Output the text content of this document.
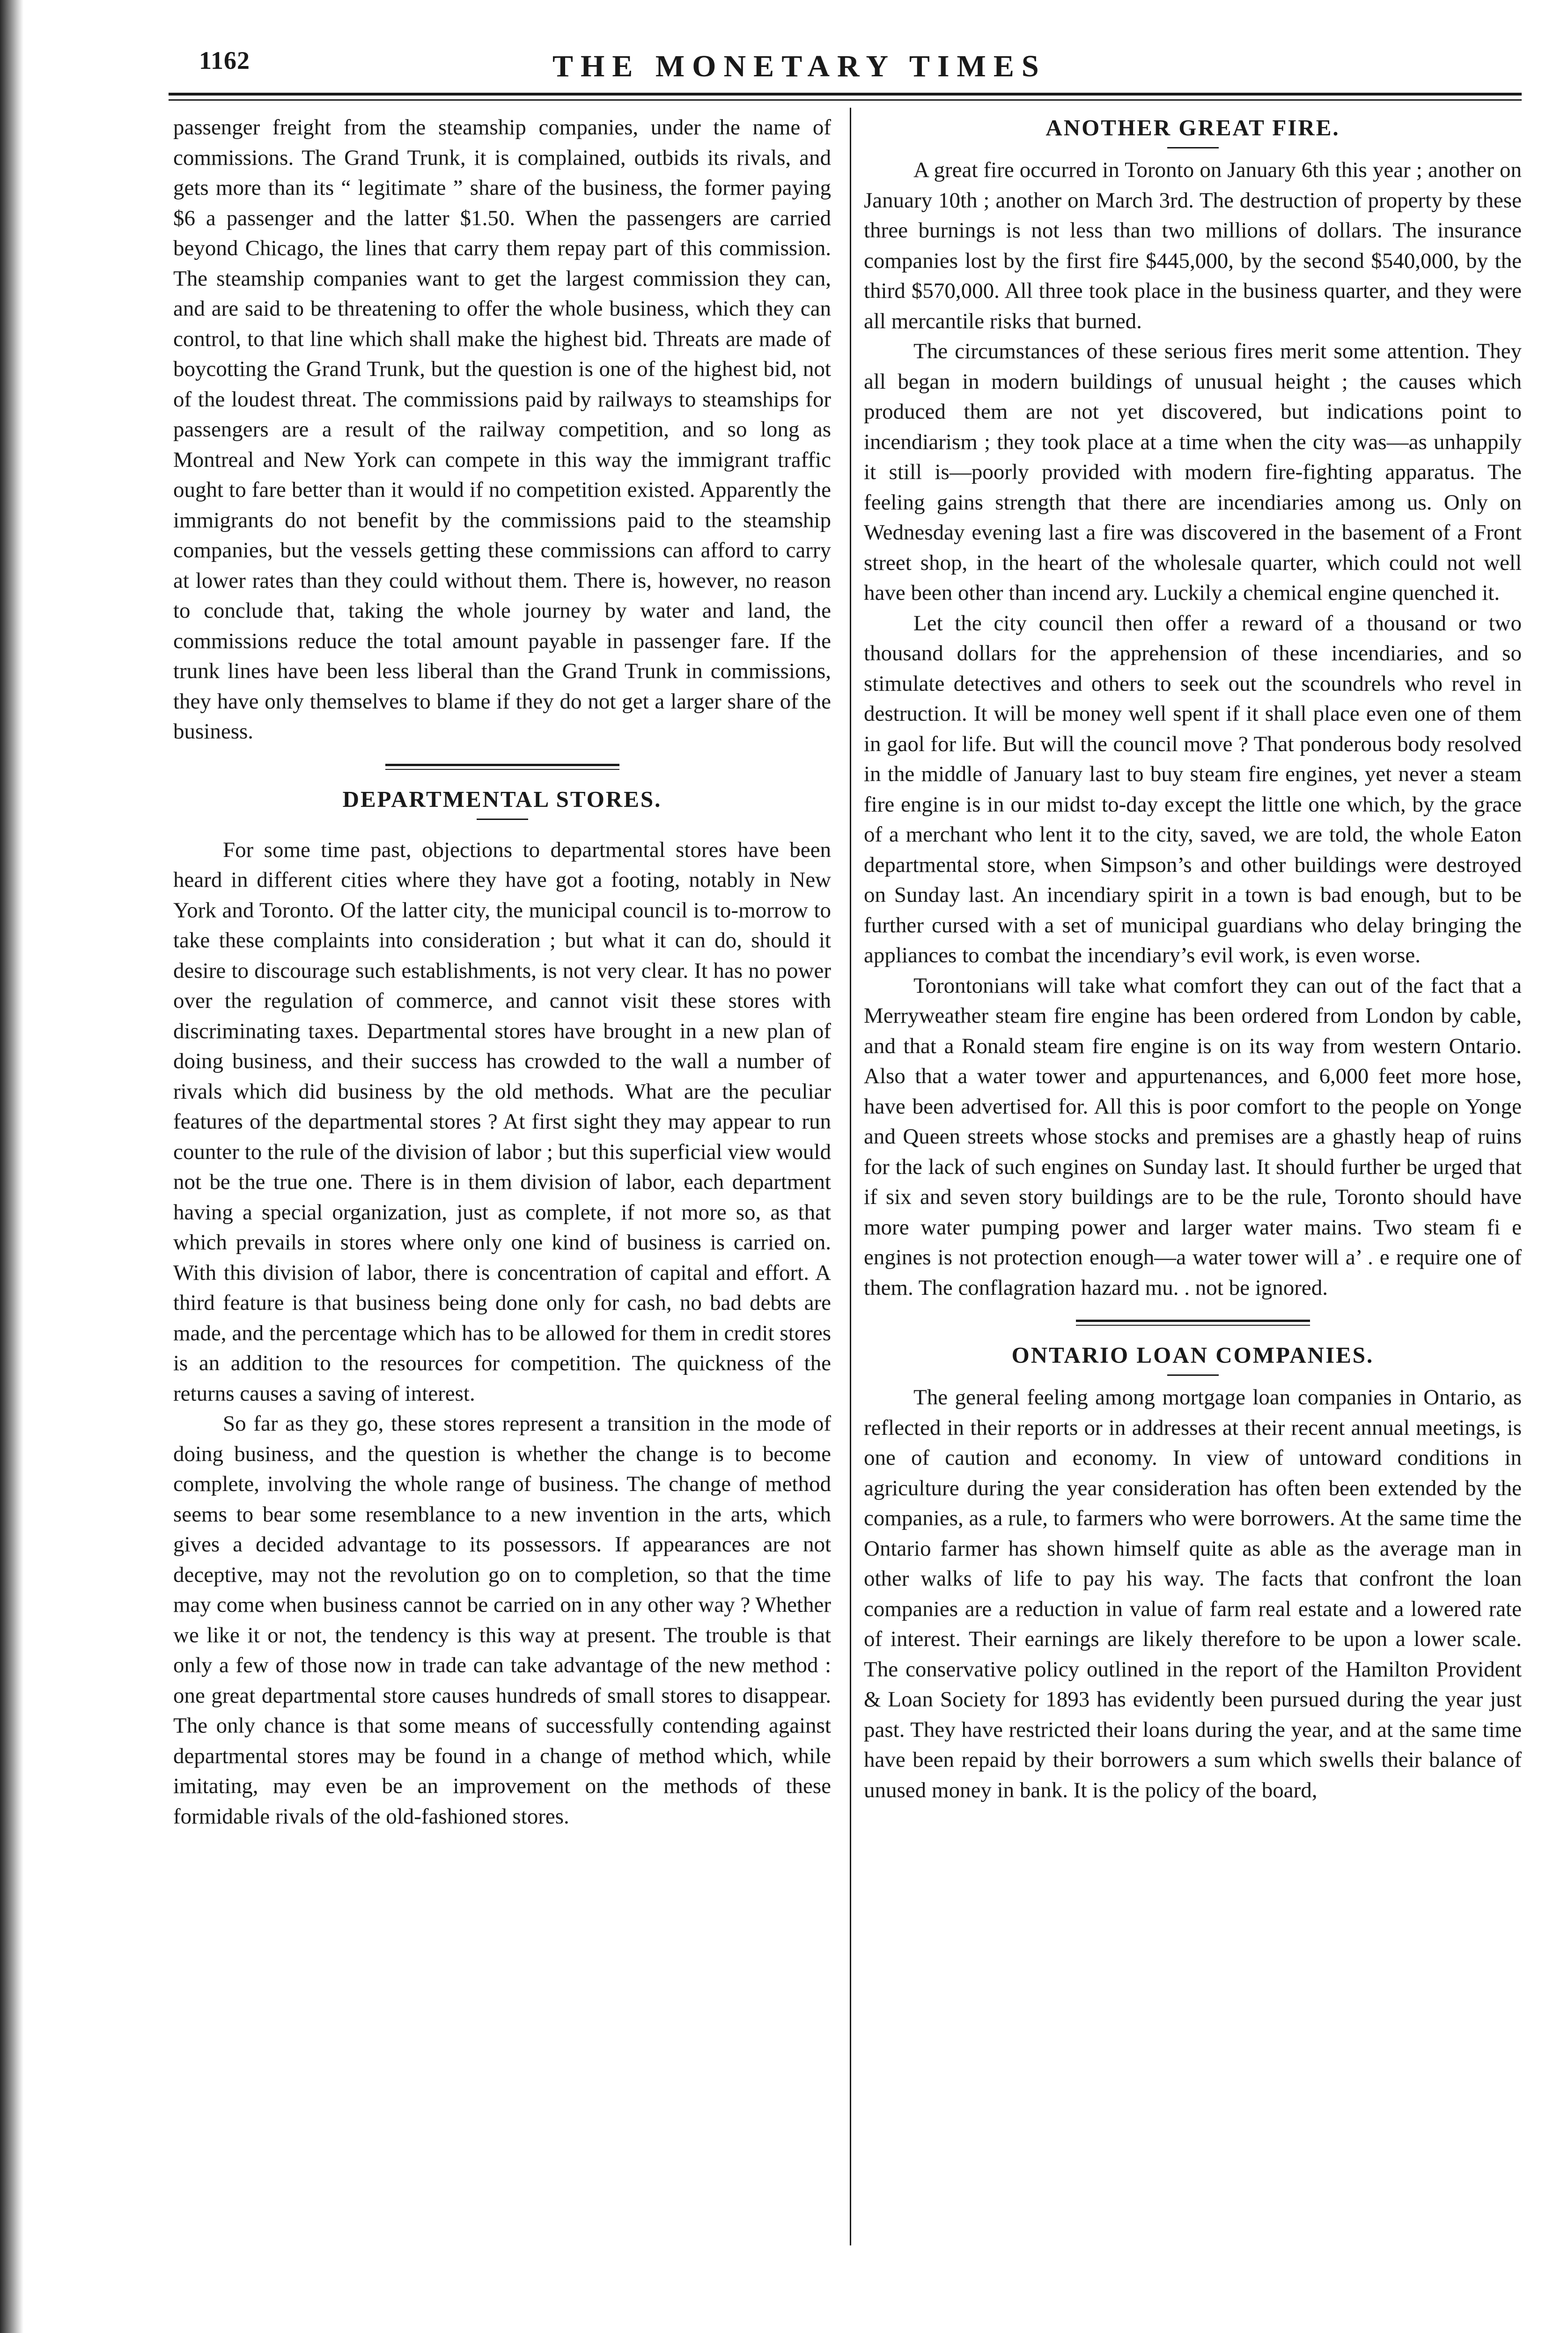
1162	THE MONETARY TIMES

passenger freight from the steamship companies, under the name of commissions. The Grand Trunk, it is complained, outbids its rivals, and gets more than its “ legitimate ” share of the business, the former paying $6 a passenger and the latter $1.50. When the passengers are carried beyond Chicago, the lines that carry them repay part of this commission. The steamship companies want to get the largest commission they can, and are said to be threatening to offer the whole business, which they can control, to that line which shall make the highest bid. Threats are made of boycotting the Grand Trunk, but the question is one of the highest bid, not of the loudest threat. The commissions paid by railways to steamships for passengers are a result of the railway competition, and so long as Montreal and New York can compete in this way the immigrant traffic ought to fare better than it would if no competition existed. Apparently the immigrants do not benefit by the commissions paid to the steamship companies, but the vessels getting these commissions can afford to carry at lower rates than they could without them. There is, however, no reason to conclude that, taking the whole journey by water and land, the commissions reduce the total amount payable in passenger fare. If the trunk lines have been less liberal than the Grand Trunk in commissions, they have only themselves to blame if they do not get a larger share of the business.

DEPARTMENTAL STORES.

For some time past, objections to departmental stores have been heard in different cities where they have got a footing, notably in New York and Toronto. Of the latter city, the municipal council is to-morrow to take these complaints into consideration ; but what it can do, should it desire to discourage such establishments, is not very clear. It has no power over the regulation of commerce, and cannot visit these stores with discriminating taxes. Departmental stores have brought in a new plan of doing business, and their success has crowded to the wall a number of rivals which did business by the old methods. What are the peculiar features of the departmental stores ? At first sight they may appear to run counter to the rule of the division of labor ; but this superficial view would not be the true one. There is in them division of labor, each department having a special organization, just as complete, if not more so, as that which prevails in stores where only one kind of business is carried on. With this division of labor, there is concentration of capital and effort. A third feature is that business being done only for cash, no bad debts are made, and the percentage which has to be allowed for them in credit stores is an addition to the resources for competition. The quickness of the returns causes a saving of interest.

So far as they go, these stores represent a transition in the mode of doing business, and the question is whether the change is to become complete, involving the whole range of business. The change of method seems to bear some resemblance to a new invention in the arts, which gives a decided advantage to its possessors. If appearances are not deceptive, may not the revolution go on to completion, so that the time may come when business cannot be carried on in any other way ? Whether we like it or not, the tendency is this way at present. The trouble is that only a few of those now in trade can take advantage of the new method : one great departmental store causes hundreds of small stores to disappear. The only chance is that some means of successfully contending against departmental stores may be found in a change of method which, while imitating, may even be an improvement on the methods of these formidable rivals of the old-fashioned stores.

ANOTHER GREAT FIRE.

A great fire occurred in Toronto on January 6th this year ; another on January 10th ; another on March 3rd. The destruction of property by these three burnings is not less than two millions of dollars. The insurance companies lost by the first fire $445,000, by the second $540,000, by the third $570,000. All three took place in the business quarter, and they were all mercantile risks that burned.

The circumstances of these serious fires merit some attention. They all began in modern buildings of unusual height ; the causes which produced them are not yet discovered, but indications point to incendiarism ; they took place at a time when the city was—as unhappily it still is—poorly provided with modern fire-fighting apparatus. The feeling gains strength that there are incendiaries among us. Only on Wednesday evening last a fire was discovered in the basement of a Front street shop, in the heart of the wholesale quarter, which could not well have been other than incend ary. Luckily a chemical engine quenched it.

Let the city council then offer a reward of a thousand or two thousand dollars for the apprehension of these incendiaries, and so stimulate detectives and others to seek out the scoundrels who revel in destruction. It will be money well spent if it shall place even one of them in gaol for life. But will the council move ? That ponderous body resolved in the middle of January last to buy steam fire engines, yet never a steam fire engine is in our midst to-day except the little one which, by the grace of a merchant who lent it to the city, saved, we are told, the whole Eaton departmental store, when Simpson’s and other buildings were destroyed on Sunday last. An incendiary spirit in a town is bad enough, but to be further cursed with a set of municipal guardians who delay bringing the appliances to combat the incendiary’s evil work, is even worse.

Torontonians will take what comfort they can out of the fact that a Merryweather steam fire engine has been ordered from London by cable, and that a Ronald steam fire engine is on its way from western Ontario. Also that a water tower and appurtenances, and 6,000 feet more hose, have been advertised for. All this is poor comfort to the people on Yonge and Queen streets whose stocks and premises are a ghastly heap of ruins for the lack of such engines on Sunday last. It should further be urged that if six and seven story buildings are to be the rule, Toronto should have more water pumping power and larger water mains. Two steam fi e engines is not protection enough—a water tower will a’ . e require one of them. The conflagration hazard mu. . not be ignored.

ONTARIO LOAN COMPANIES.

The general feeling among mortgage loan companies in Ontario, as reflected in their reports or in addresses at their recent annual meetings, is one of caution and economy. In view of untoward conditions in agriculture during the year consideration has often been extended by the companies, as a rule, to farmers who were borrowers. At the same time the Ontario farmer has shown himself quite as able as the average man in other walks of life to pay his way. The facts that confront the loan companies are a reduction in value of farm real estate and a lowered rate of interest. Their earnings are likely therefore to be upon a lower scale. The conservative policy outlined in the report of the Hamilton Provident & Loan Society for 1893 has evidently been pursued during the year just past. They have restricted their loans during the year, and at the same time have been repaid by their borrowers a sum which swells their balance of unused money in bank. It is the policy of the board,
